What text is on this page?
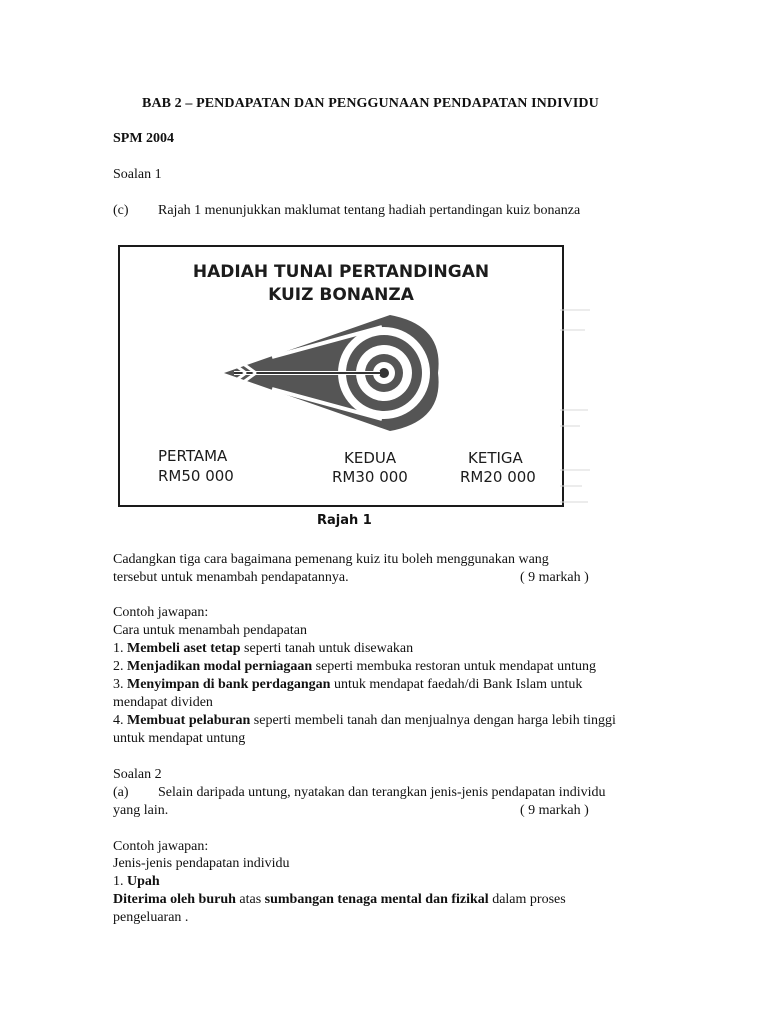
BAB 2 – PENDAPATAN DAN PENGGUNAAN PENDAPATAN INDIVIDU
SPM 2004
Soalan 1
(c) Rajah 1 menunjukkan maklumat tentang hadiah pertandingan kuiz bonanza
HADIAH TUNAI PERTANDINGAN
KUIZ BONANZA
PERTAMA
RM50 000
KEDUA
RM30 000
KETIGA
RM20 000
Rajah 1
Cadangkan tiga cara bagaimana pemenang kuiz itu boleh menggunakan wang
tersebut untuk menambah pendapatannya.	( 9 markah )
Contoh jawapan:
Cara untuk menambah pendapatan
1. Membeli aset tetap seperti tanah untuk disewakan
2. Menjadikan modal perniagaan seperti membuka restoran untuk mendapat untung
3. Menyimpan di bank perdagangan untuk mendapat faedah/di Bank Islam untuk
mendapat dividen
4. Membuat pelaburan seperti membeli tanah dan menjualnya dengan harga lebih tinggi
untuk mendapat untung
Soalan 2
(a) Selain daripada untung, nyatakan dan terangkan jenis-jenis pendapatan individu
yang lain.	( 9 markah )
Contoh jawapan:
Jenis-jenis pendapatan individu
1. Upah
Diterima oleh buruh atas sumbangan tenaga mental dan fizikal dalam proses
pengeluaran .
